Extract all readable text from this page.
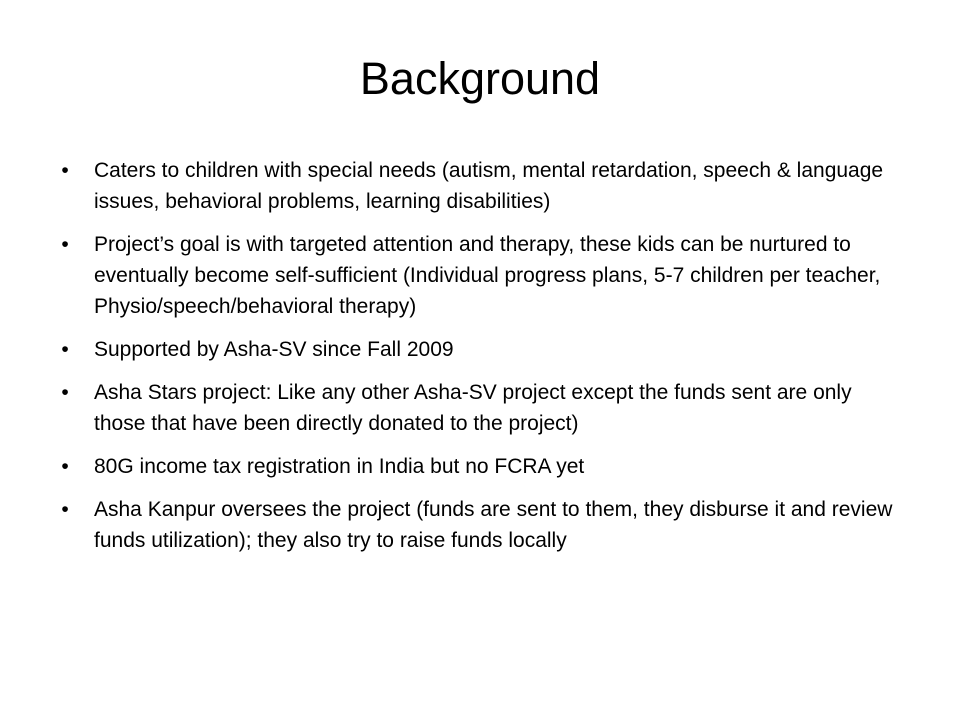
Background
• Caters to children with special needs (autism, mental retardation, speech & language issues, behavioral problems, learning disabilities)
• Project’s goal is with targeted attention and therapy, these kids can be nurtured to eventually become self-sufficient (Individual progress plans, 5-7 children per teacher, Physio/speech/behavioral therapy)
• Supported by Asha-SV since Fall 2009
• Asha Stars project: Like any other Asha-SV project except the funds sent are only those that have been directly donated to the project)
• 80G income tax registration in India but no FCRA yet
• Asha Kanpur oversees the project (funds are sent to them, they disburse it and review funds utilization); they also try to raise funds locally
